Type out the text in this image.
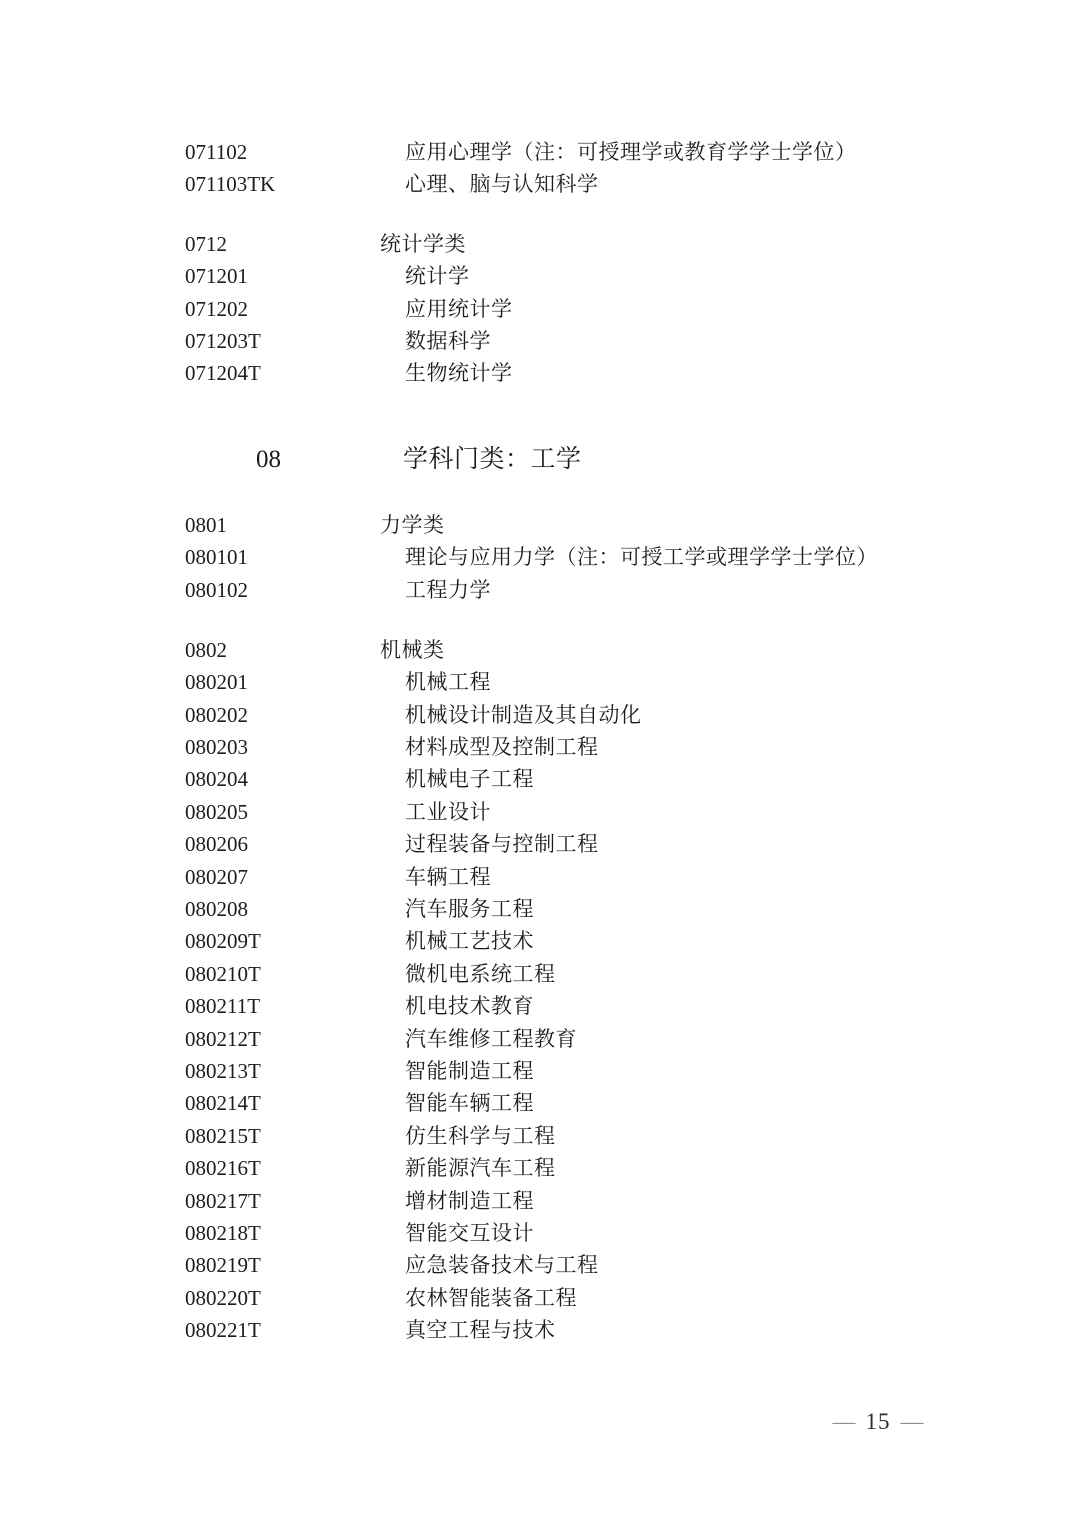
071102	应用心理学（注：可授理学或教育学学士学位）
071103TK	心理、脑与认知科学
0712	统计学类
071201	统计学
071202	应用统计学
071203T	数据科学
071204T	生物统计学
08	学科门类：工学
0801	力学类
080101	理论与应用力学（注：可授工学或理学学士学位）
080102	工程力学
0802	机械类
080201	机械工程
080202	机械设计制造及其自动化
080203	材料成型及控制工程
080204	机械电子工程
080205	工业设计
080206	过程装备与控制工程
080207	车辆工程
080208	汽车服务工程
080209T	机械工艺技术
080210T	微机电系统工程
080211T	机电技术教育
080212T	汽车维修工程教育
080213T	智能制造工程
080214T	智能车辆工程
080215T	仿生科学与工程
080216T	新能源汽车工程
080217T	增材制造工程
080218T	智能交互设计
080219T	应急装备技术与工程
080220T	农林智能装备工程
080221T	真空工程与技术
— 15 —
